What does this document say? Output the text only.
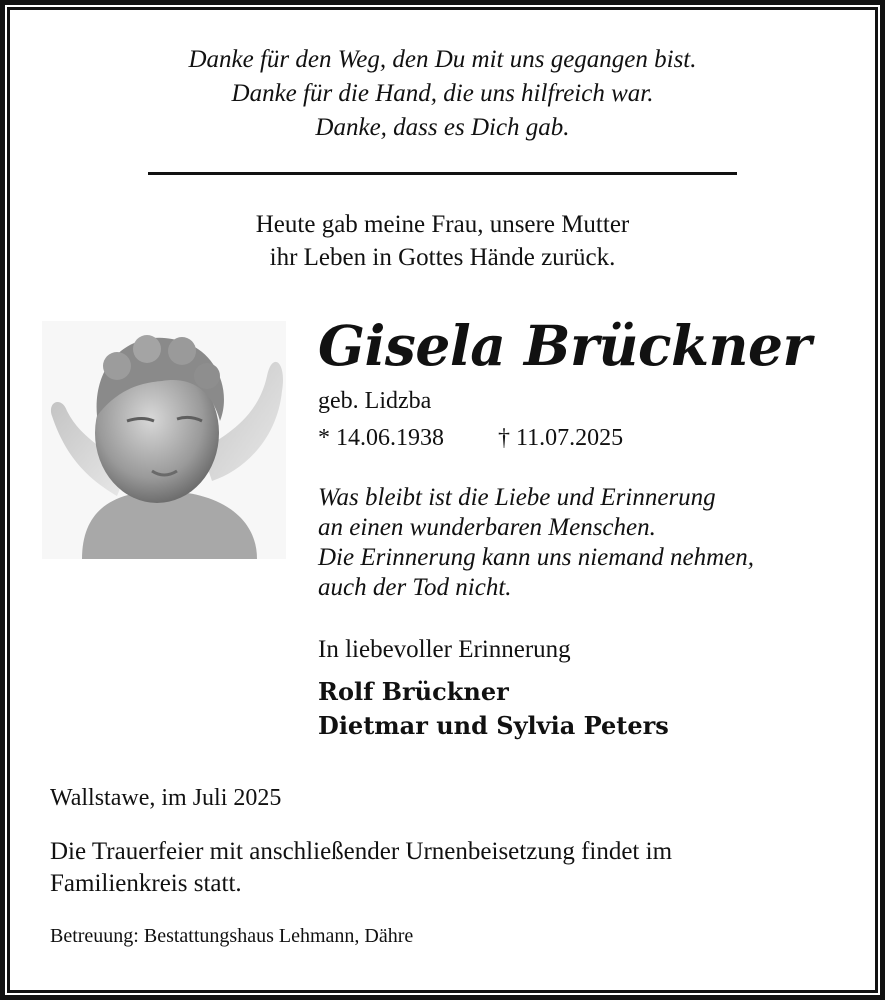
Danke für den Weg, den Du mit uns gegangen bist.
Danke für die Hand, die uns hilfreich war.
Danke, dass es Dich gab.
Heute gab meine Frau, unsere Mutter
ihr Leben in Gottes Hände zurück.
Gisela Brückner
geb. Lidzba
* 14.06.1938 † 11.07.2025
Was bleibt ist die Liebe und Erinnerung
an einen wunderbaren Menschen.
Die Erinnerung kann uns niemand nehmen,
auch der Tod nicht.
In liebevoller Erinnerung
Rolf Brückner
Dietmar und Sylvia Peters
Wallstawe, im Juli 2025
Die Trauerfeier mit anschließender Urnenbeisetzung findet im
Familienkreis statt.
Betreuung: Bestattungshaus Lehmann, Dähre
